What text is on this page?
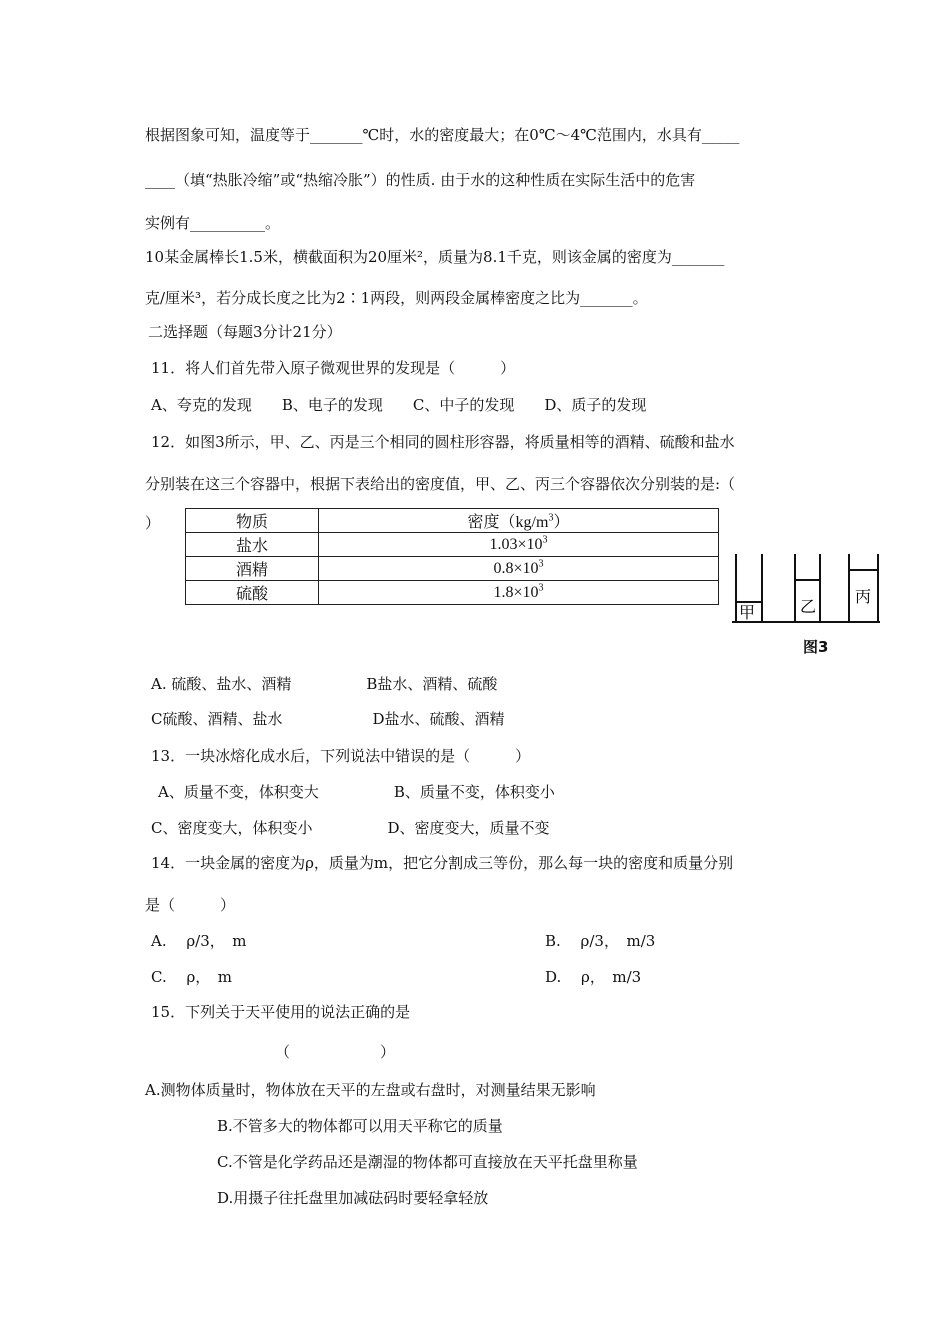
根据图象可知，温度等于_______℃时，水的密度最大；在0℃～4℃范围内，水具有_____
____（填“热胀冷缩”或“热缩冷胀”）的性质. 由于水的这种性质在实际生活中的危害
实例有__________。
10某金属棒长1.5米，横截面积为20厘米²，质量为8.1千克，则该金属的密度为_______
克/厘米³，若分成长度之比为2∶1两段，则两段金属棒密度之比为_______。
二选择题（每题3分计21分）
11．将人们首先带入原子微观世界的发现是（　　　）
A、夸克的发现　　B、电子的发现　　C、中子的发现　　D、质子的发现
12．如图3所示，甲、乙、丙是三个相同的圆柱形容器，将质量相等的酒精、硫酸和盐水
分别装在这三个容器中，根据下表给出的密度值，甲、乙、丙三个容器依次分别装的是:（
）	物质	密度$(kg/m^3)$
盐水	$1.03\times 10^3$
酒精	$0.8\times 10^3$
硫酸	$1.8\times 10^3$
甲	乙
丙
图3
A. 硫酸、盐水、酒精　　　　　B盐水、酒精、硫酸
C硫酸、酒精、盐水　　　　　　D盐水、硫酸、酒精
13．一块冰熔化成水后，下列说法中错误的是（　　　）
A、质量不变，体积变大　　　　　B、质量不变，体积变小
C、密度变大，体积变小　　　　　D、密度变大，质量不变
14．一块金属的密度为ρ，质量为m，把它分割成三等份，那么每一块的密度和质量分别
是（　　　）
A.　 ρ/3，　m	B.　 ρ/3，　m/3
C.　 ρ，　m	D.　 ρ，　m/3
15．下列关于天平使用的说法正确的是
（　　　　　　）
A.测物体质量时，物体放在天平的左盘或右盘时，对测量结果无影响
B.不管多大的物体都可以用天平称它的质量
C.不管是化学药品还是潮湿的物体都可直接放在天平托盘里称量
D.用摄子往托盘里加减砝码时要轻拿轻放
